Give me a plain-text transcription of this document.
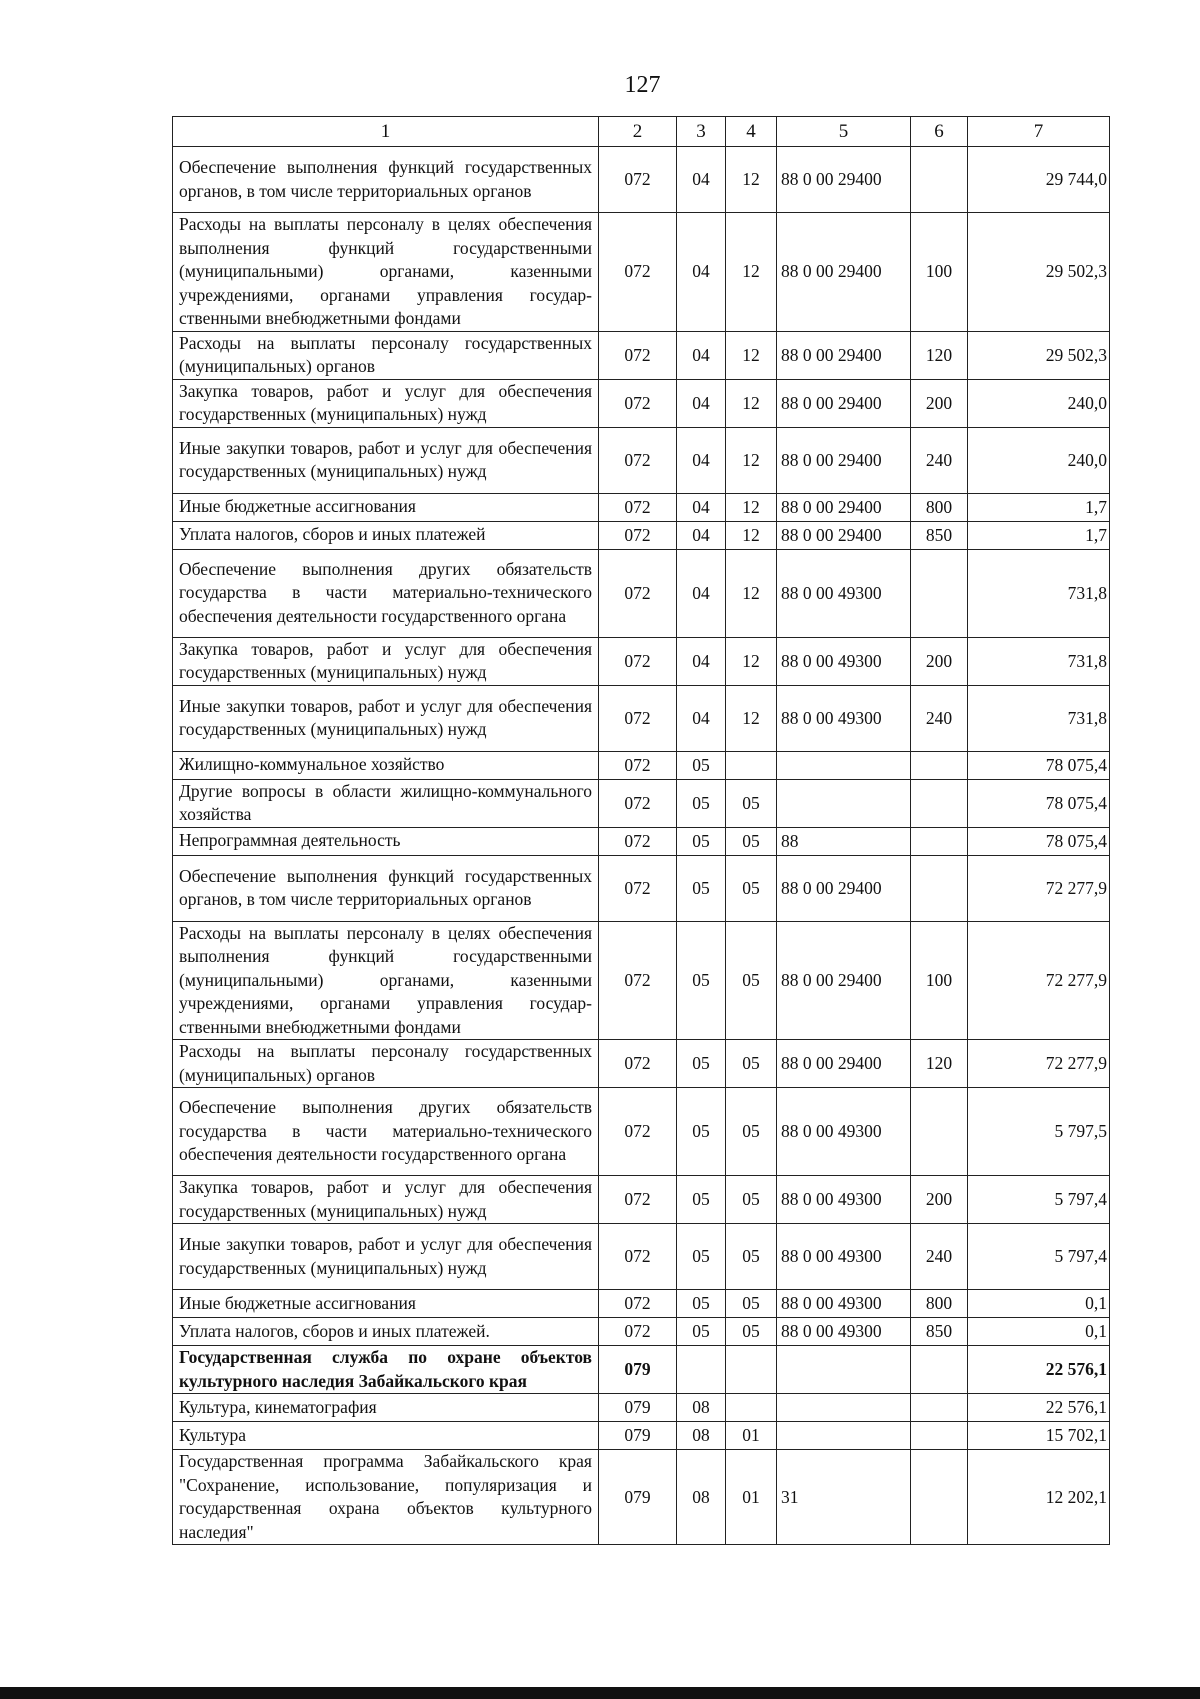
127
1	2	3	4	5	6	7
Обеспечение выполнения функций государственных органов, в том числе территориальных органов	072	04	12	88 0 00 29400		29 744,0
Расходы на выплаты персоналу в целях обеспечения выполнения функций государственными (муниципальными) органами, казенными учреждениями, органами управления государственными внебюджетными фондами	072	04	12	88 0 00 29400	100	29 502,3
Расходы на выплаты персоналу государственных (муниципальных) органов	072	04	12	88 0 00 29400	120	29 502,3
Закупка товаров, работ и услуг для обеспечения государственных (муниципальных) нужд	072	04	12	88 0 00 29400	200	240,0
Иные закупки товаров, работ и услуг для обеспечения государственных (муниципальных) нужд	072	04	12	88 0 00 29400	240	240,0
Иные бюджетные ассигнования	072	04	12	88 0 00 29400	800	1,7
Уплата налогов, сборов и иных платежей	072	04	12	88 0 00 29400	850	1,7
Обеспечение выполнения других обязательств государства в части материально-технического обеспечения деятельности государственного органа	072	04	12	88 0 00 49300		731,8
Закупка товаров, работ и услуг для обеспечения государственных (муниципальных) нужд	072	04	12	88 0 00 49300	200	731,8
Иные закупки товаров, работ и услуг для обеспечения государственных (муниципальных) нужд	072	04	12	88 0 00 49300	240	731,8
Жилищно-коммунальное хозяйство	072	05				78 075,4
Другие вопросы в области жилищно-коммунального хозяйства	072	05	05			78 075,4
Непрограммная деятельность	072	05	05	88		78 075,4
Обеспечение выполнения функций государственных органов, в том числе территориальных органов	072	05	05	88 0 00 29400		72 277,9
Расходы на выплаты персоналу в целях обеспечения выполнения функций государственными (муниципальными) органами, казенными учреждениями, органами управления государственными внебюджетными фондами	072	05	05	88 0 00 29400	100	72 277,9
Расходы на выплаты персоналу государственных (муниципальных) органов	072	05	05	88 0 00 29400	120	72 277,9
Обеспечение выполнения других обязательств государства в части материально-технического обеспечения деятельности государственного органа	072	05	05	88 0 00 49300		5 797,5
Закупка товаров, работ и услуг для обеспечения государственных (муниципальных) нужд	072	05	05	88 0 00 49300	200	5 797,4
Иные закупки товаров, работ и услуг для обеспечения государственных (муниципальных) нужд	072	05	05	88 0 00 49300	240	5 797,4
Иные бюджетные ассигнования	072	05	05	88 0 00 49300	800	0,1
Уплата налогов, сборов и иных платежей.	072	05	05	88 0 00 49300	850	0,1
Государственная служба по охране объектов культурного наследия Забайкальского края	079					22 576,1
Культура, кинематография	079	08				22 576,1
Культура	079	08	01			15 702,1
Государственная программа Забайкальского края "Сохранение, использование, популяризация и государственная охрана объектов культурного наследия"	079	08	01	31		12 202,1
